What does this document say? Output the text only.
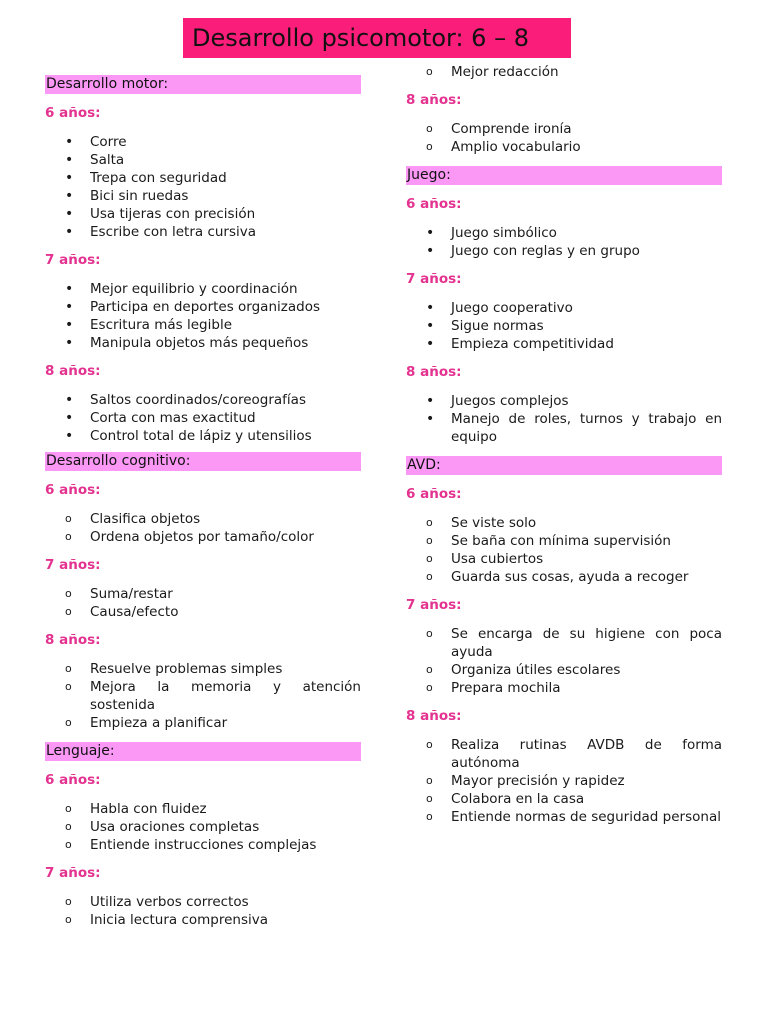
Desarrollo psicomotor: 6 – 8
Desarrollo motor:
6 años:
•	Corre
•	Salta
•	Trepa con seguridad
•	Bici sin ruedas
•	Usa tijeras con precisión
•	Escribe con letra cursiva
7 años:
•	Mejor equilibrio y coordinación
•	Participa en deportes organizados
•	Escritura más legible
•	Manipula objetos más pequeños
8 años:
•	Saltos coordinados/coreografías
•	Corta con mas exactitud
•	Control total de lápiz y utensilios
Desarrollo cognitivo:
6 años:
o	Clasifica objetos
o	Ordena objetos por tamaño/color
7 años:
o	Suma/restar
o	Causa/efecto
8 años:
o	Resuelve problemas simples
o	Mejora la memoria y atención sostenida
o	Empieza a planificar
Lenguaje:
6 años:
o	Habla con fluidez
o	Usa oraciones completas
o	Entiende instrucciones complejas
7 años:
o	Utiliza verbos correctos
o	Inicia lectura comprensiva
o	Mejor redacción
8 años:
o	Comprende ironía
o	Amplio vocabulario
Juego:
6 años:
•	Juego simbólico
•	Juego con reglas y en grupo
7 años:
•	Juego cooperativo
•	Sigue normas
•	Empieza competitividad
8 años:
•	Juegos complejos
•	Manejo de roles, turnos y trabajo en equipo
AVD:
6 años:
o	Se viste solo
o	Se baña con mínima supervisión
o	Usa cubiertos
o	Guarda sus cosas, ayuda a recoger
7 años:
o	Se encarga de su higiene con poca ayuda
o	Organiza útiles escolares
o	Prepara mochila
8 años:
o	Realiza rutinas AVDB de forma autónoma
o	Mayor precisión y rapidez
o	Colabora en la casa
o	Entiende normas de seguridad personal
